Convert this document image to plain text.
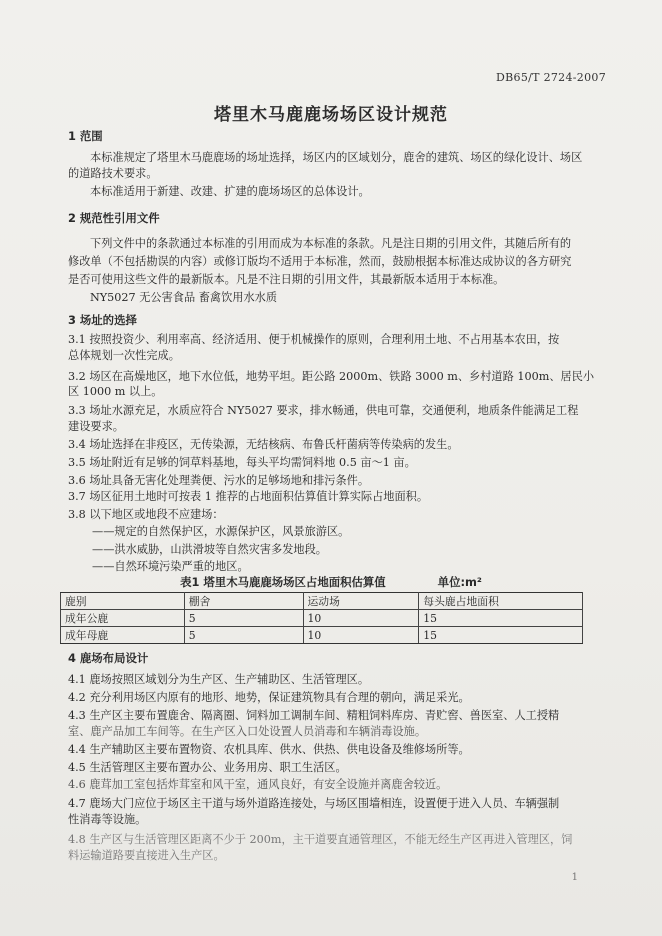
DB65/T 2724-2007
塔里木马鹿鹿场场区设计规范
1 范围
本标准规定了塔里木马鹿鹿场的场址选择，场区内的区域划分，鹿舍的建筑、场区的绿化设计、场区
的道路技术要求。
本标准适用于新建、改建、扩建的鹿场场区的总体设计。
2 规范性引用文件
下列文件中的条款通过本标准的引用而成为本标准的条款。凡是注日期的引用文件，其随后所有的
修改单（不包括勘误的内容）或修订版均不适用于本标准，然而，鼓励根据本标准达成协议的各方研究
是否可使用这些文件的最新版本。凡是不注日期的引用文件，其最新版本适用于本标准。
NY5027 无公害食品 畜禽饮用水水质
3 场址的选择
3.1 按照投资少、利用率高、经济适用、便于机械操作的原则，合理利用土地、不占用基本农田，按
总体规划一次性完成。
3.2 场区在高燥地区，地下水位低，地势平坦。距公路 2000m、铁路 3000 m、乡村道路 100m、居民小
区 1000 m 以上。
3.3 场址水源充足，水质应符合 NY5027 要求，排水畅通，供电可靠，交通便利，地质条件能满足工程
建设要求。
3.4 场址选择在非疫区，无传染源，无结核病、布鲁氏杆菌病等传染病的发生。
3.5 场址附近有足够的饲草料基地，每头平均需饲料地 0.5 亩～1 亩。
3.6 场址具备无害化处理粪便、污水的足够场地和排污条件。
3.7 场区征用土地时可按表 1 推荐的占地面积估算值计算实际占地面积。
3.8 以下地区或地段不应建场：
——规定的自然保护区，水源保护区，风景旅游区。
——洪水威胁，山洪滑坡等自然灾害多发地段。
——自然环境污染严重的地区。
表1 塔里木马鹿鹿场场区占地面积估算值	单位:m²
鹿别	棚舍	运动场	每头鹿占地面积
成年公鹿	5	10	15
成年母鹿	5	10	15
4 鹿场布局设计
4.1 鹿场按照区域划分为生产区、生产辅助区、生活管理区。
4.2 充分利用场区内原有的地形、地势，保证建筑物具有合理的朝向，满足采光。
4.3 生产区主要布置鹿舍、隔离圈、饲料加工调制车间、精粗饲料库房、青贮窖、兽医室、人工授精
室、鹿产品加工车间等。在生产区入口处设置人员消毒和车辆消毒设施。
4.4 生产辅助区主要布置物资、农机具库、供水、供热、供电设备及维修场所等。
4.5 生活管理区主要布置办公、业务用房、职工生活区。
4.6 鹿茸加工室包括炸茸室和风干室，通风良好，有安全设施并离鹿舍较近。
4.7 鹿场大门应位于场区主干道与场外道路连接处，与场区围墙相连，设置便于进入人员、车辆强制
性消毒等设施。
4.8 生产区与生活管理区距离不少于 200m，主干道要直通管理区，不能无经生产区再进入管理区，饲
料运输道路要直接进入生产区。
1
